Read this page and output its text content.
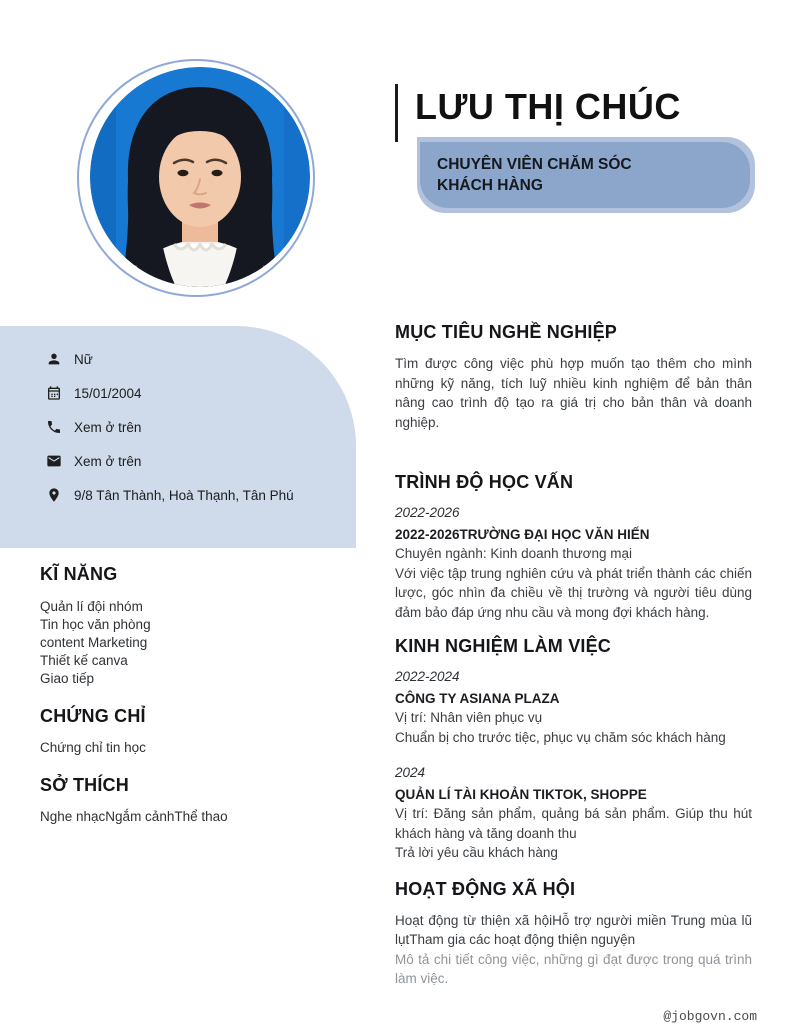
LƯU THỊ CHÚC
CHUYÊN VIÊN CHĂM SÓC KHÁCH HÀNG
Nữ
15/01/2004
Xem ở trên
Xem ở trên
9/8 Tân Thành, Hoà Thạnh, Tân Phú
KĨ NĂNG
Quản lí đội nhóm
Tin học văn phòng
content Marketing
Thiết kế canva
Giao tiếp
CHỨNG CHỈ
Chứng chỉ tin học
SỞ THÍCH
Nghe nhạcNgắm cảnhThể thao
MỤC TIÊU NGHỀ NGHIỆP

Tìm được công việc phù hợp muốn tạo thêm cho mình những kỹ năng, tích luỹ nhiều kinh nghiệm để bản thân nâng cao trình độ tạo ra giá trị cho bản thân và doanh nghiệp.

TRÌNH ĐỘ HỌC VẤN
2022-2026
2022-2026TRƯỜNG ĐẠI HỌC VĂN HIẾN

Chuyên ngành: Kinh doanh thương mại

Với việc tập trung nghiên cứu và phát triển thành các chiến lược, góc nhìn đa chiều về thị trường và người tiêu dùng đảm bảo đáp ứng nhu cầu và mong đợi khách hàng.

KINH NGHIỆM LÀM VIỆC
2022-2024
CÔNG TY ASIANA PLAZA

Vị trí: Nhân viên phục vụ

Chuẩn bị cho trước tiệc, phục vụ chăm sóc khách hàng

2024
QUẢN LÍ TÀI KHOẢN TIKTOK, SHOPPE

Vị trí: Đăng sản phẩm, quảng bá sản phẩm. Giúp thu hút khách hàng và tăng doanh thu

Trả lời yêu cầu khách hàng

HOẠT ĐỘNG XÃ HỘI

Hoạt động từ thiện xã hộiHỗ trợ người miền Trung mùa lũ lụtTham gia các hoạt động thiện nguyện

Mô tả chi tiết công việc, những gì đạt được trong quá trình làm việc.

@jobgovn.com
